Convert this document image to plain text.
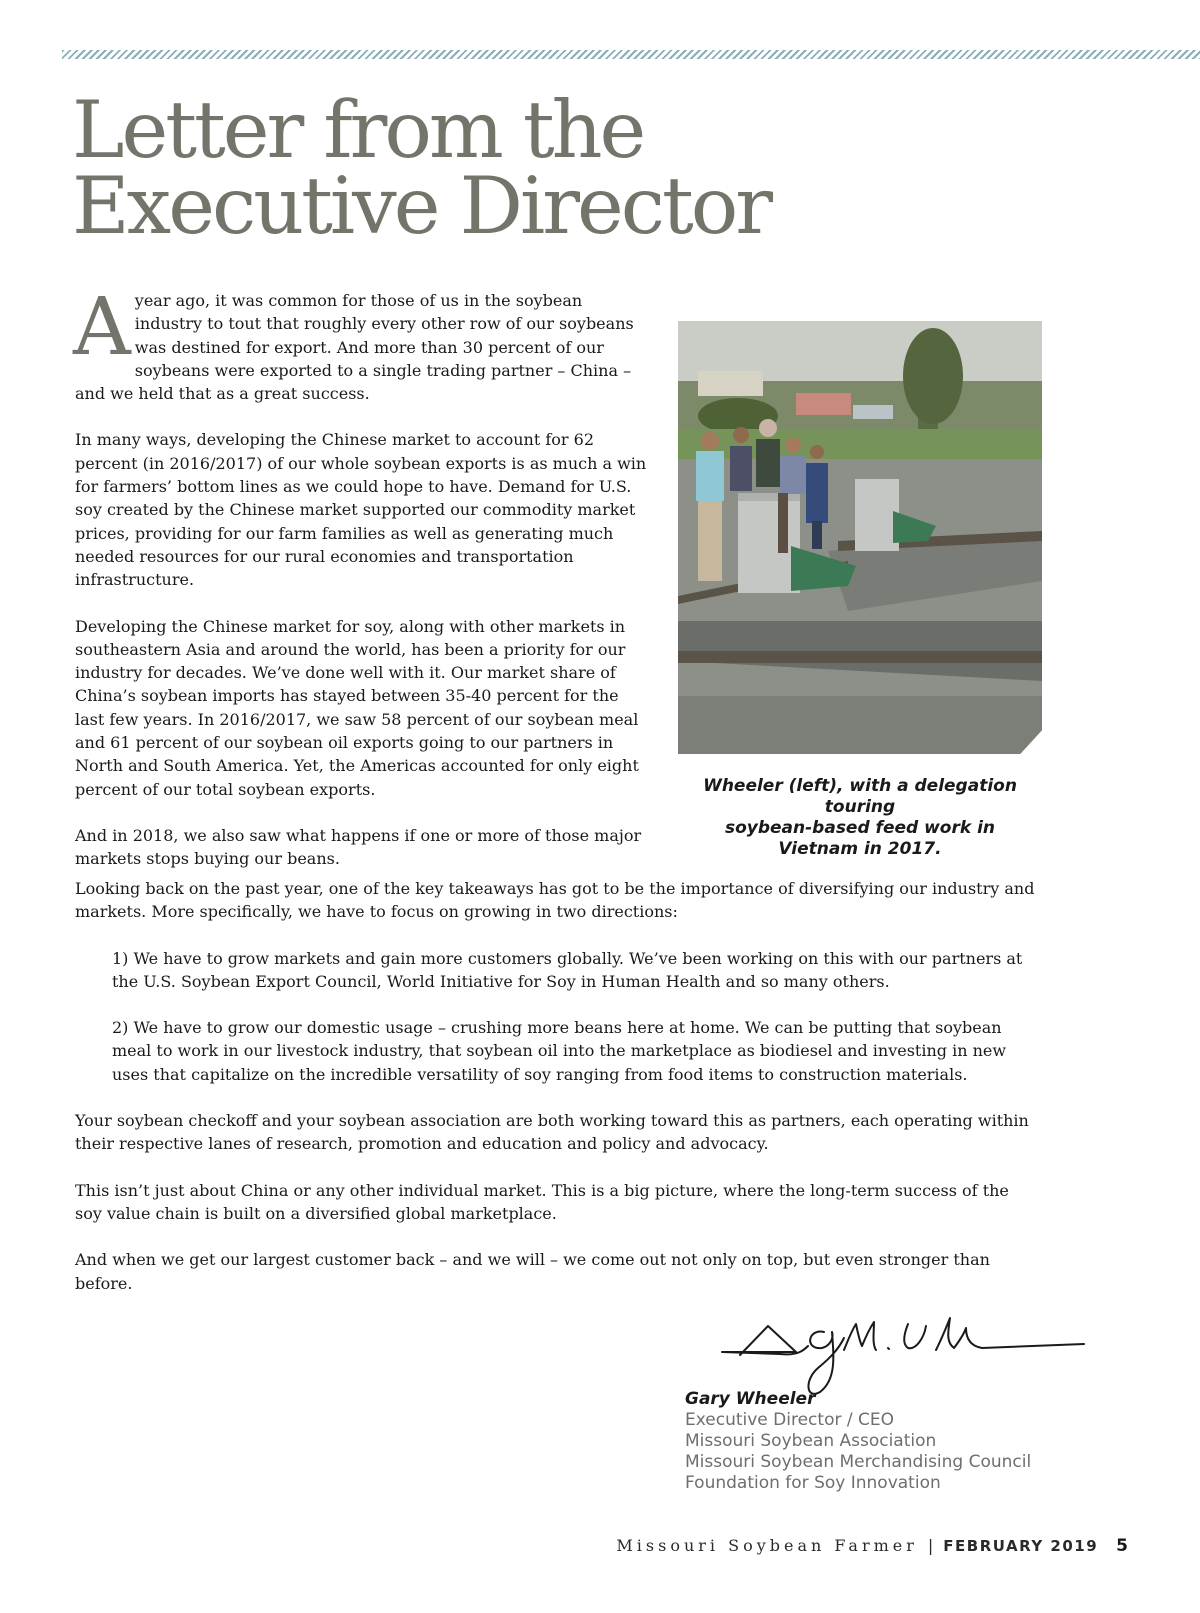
Letter from the
Executive Director

A year ago, it was common for those of us in the soybean industry to tout that roughly every other row of our soybeans was destined for export. And more than 30 percent of our soybeans were exported to a single trading partner – China – and we held that as a great success.

In many ways, developing the Chinese market to account for 62 percent (in 2016/2017) of our whole soybean exports is as much a win for farmers’ bottom lines as we could hope to have. Demand for U.S. soy created by the Chinese market supported our commodity market prices, providing for our farm families as well as generating much needed resources for our rural economies and transportation infrastructure.

Developing the Chinese market for soy, along with other markets in southeastern Asia and around the world, has been a priority for our industry for decades. We’ve done well with it. Our market share of China’s soybean imports has stayed between 35-40 percent for the last few years. In 2016/2017, we saw 58 percent of our soybean meal and 61 percent of our soybean oil exports going to our partners in North and South America. Yet, the Americas accounted for only eight percent of our total soybean exports.

And in 2018, we also saw what happens if one or more of those major markets stops buying our beans.

Wheeler (left), with a delegation touring
soybean-based feed work in
Vietnam in 2017.

Looking back on the past year, one of the key takeaways has got to be the importance of diversifying our industry and markets. More specifically, we have to focus on growing in two directions:

1) We have to grow markets and gain more customers globally. We’ve been working on this with our partners at the U.S. Soybean Export Council, World Initiative for Soy in Human Health and so many others.

2) We have to grow our domestic usage – crushing more beans here at home. We can be putting that soybean meal to work in our livestock industry, that soybean oil into the marketplace as biodiesel and investing in new uses that capitalize on the incredible versatility of soy ranging from food items to construction materials.

Your soybean checkoff and your soybean association are both working toward this as partners, each operating within their respective lanes of research, promotion and education and policy and advocacy.

This isn’t just about China or any other individual market. This is a big picture, where the long-term success of the soy value chain is built on a diversified global marketplace.

And when we get our largest customer back – and we will – we come out not only on top, but even stronger than before.

Gary Wheeler

Executive Director / CEO

Missouri Soybean Association

Missouri Soybean Merchandising Council

Foundation for Soy Innovation

Missouri Soybean Farmer | FEBRUARY 2019 5
